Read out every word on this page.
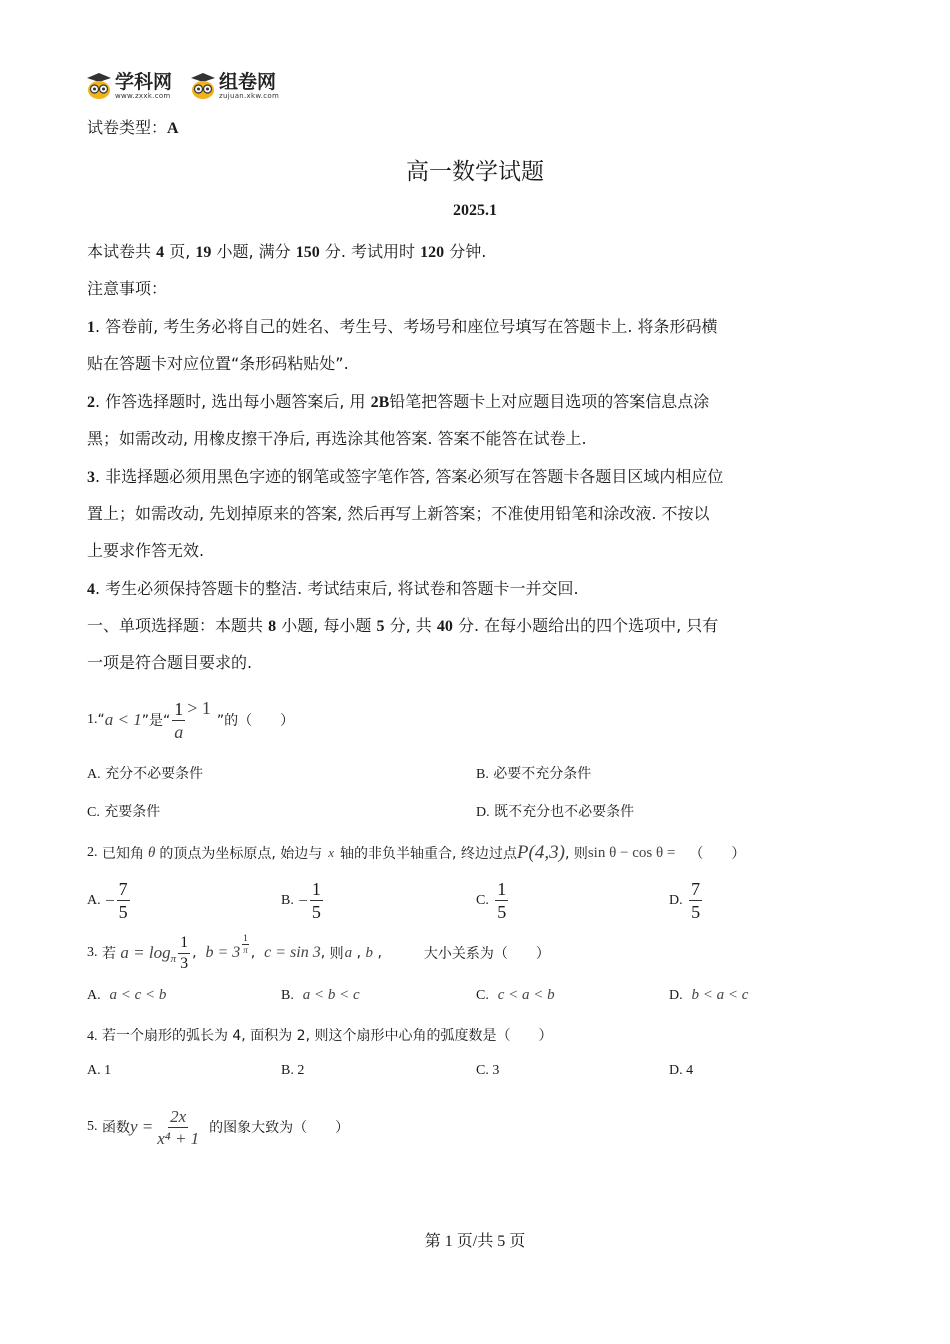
学科网
www.zxxk.com
组卷网
zujuan.xkw.com
试卷类型：A
高一数学试题
2025.1
本试卷共 4 页, 19 小题, 满分 150 分. 考试用时 120 分钟.
注意事项：
1. 答卷前, 考生务必将自己的姓名、考生号、考场号和座位号填写在答题卡上. 将条形码横
贴在答题卡对应位置“条形码粘贴处”.
2. 作答选择题时, 选出每小题答案后, 用 2B铅笔把答题卡上对应题目选项的答案信息点涂
黑；如需改动, 用橡皮擦干净后, 再选涂其他答案. 答案不能答在试卷上.
3. 非选择题必须用黑色字迹的钢笔或签字笔作答, 答案必须写在答题卡各题目区域内相应位
置上；如需改动, 先划掉原来的答案, 然后再写上新答案；不准使用铅笔和涂改液. 不按以
上要求作答无效.
4. 考生必须保持答题卡的整洁. 考试结束后, 将试卷和答题卡一并交回.
一、单项选择题：本题共 8 小题, 每小题 5 分, 共 40 分. 在每小题给出的四个选项中, 只有
一项是符合题目要求的.
1. “ a < 1 ”是“ $\frac{1}{a} > 1$
”的（　　）
A. 充分不必要条件	B. 必要不充分条件
C. 充要条件	D. 既不充分也不必要条件
2.
已知角 θ 的顶点为坐标原点, 始边与 x 轴的非负半轴重合, 终边过点 P(4,3) , 则 sin θ − cos θ = （　　）
A.
− $\frac{7}{5}$	B.
− $\frac{1}{5}$	C.
$\frac{1}{5}$	D.
$\frac{7}{5}$
3.
若
a = log π $\frac{1}{3}$ , $b = 3 \frac{1}{\pi}$ , c = sin 3 , 则 a , b ,	大小关系为（　　）
A. a < c < b	B. a < b < c	C. c < a < b	D. b < a < c
4. 若一个扇形的弧长为 4, 面积为 2, 则这个扇形中心角的弧度数是（　　）
A. 1	B. 2	C. 3	D. 4
5.
函数 $y = \frac{2x}{\text{x⁴ + 1}}$ 的图象大致为（　　）
第 1 页/共 5 页
